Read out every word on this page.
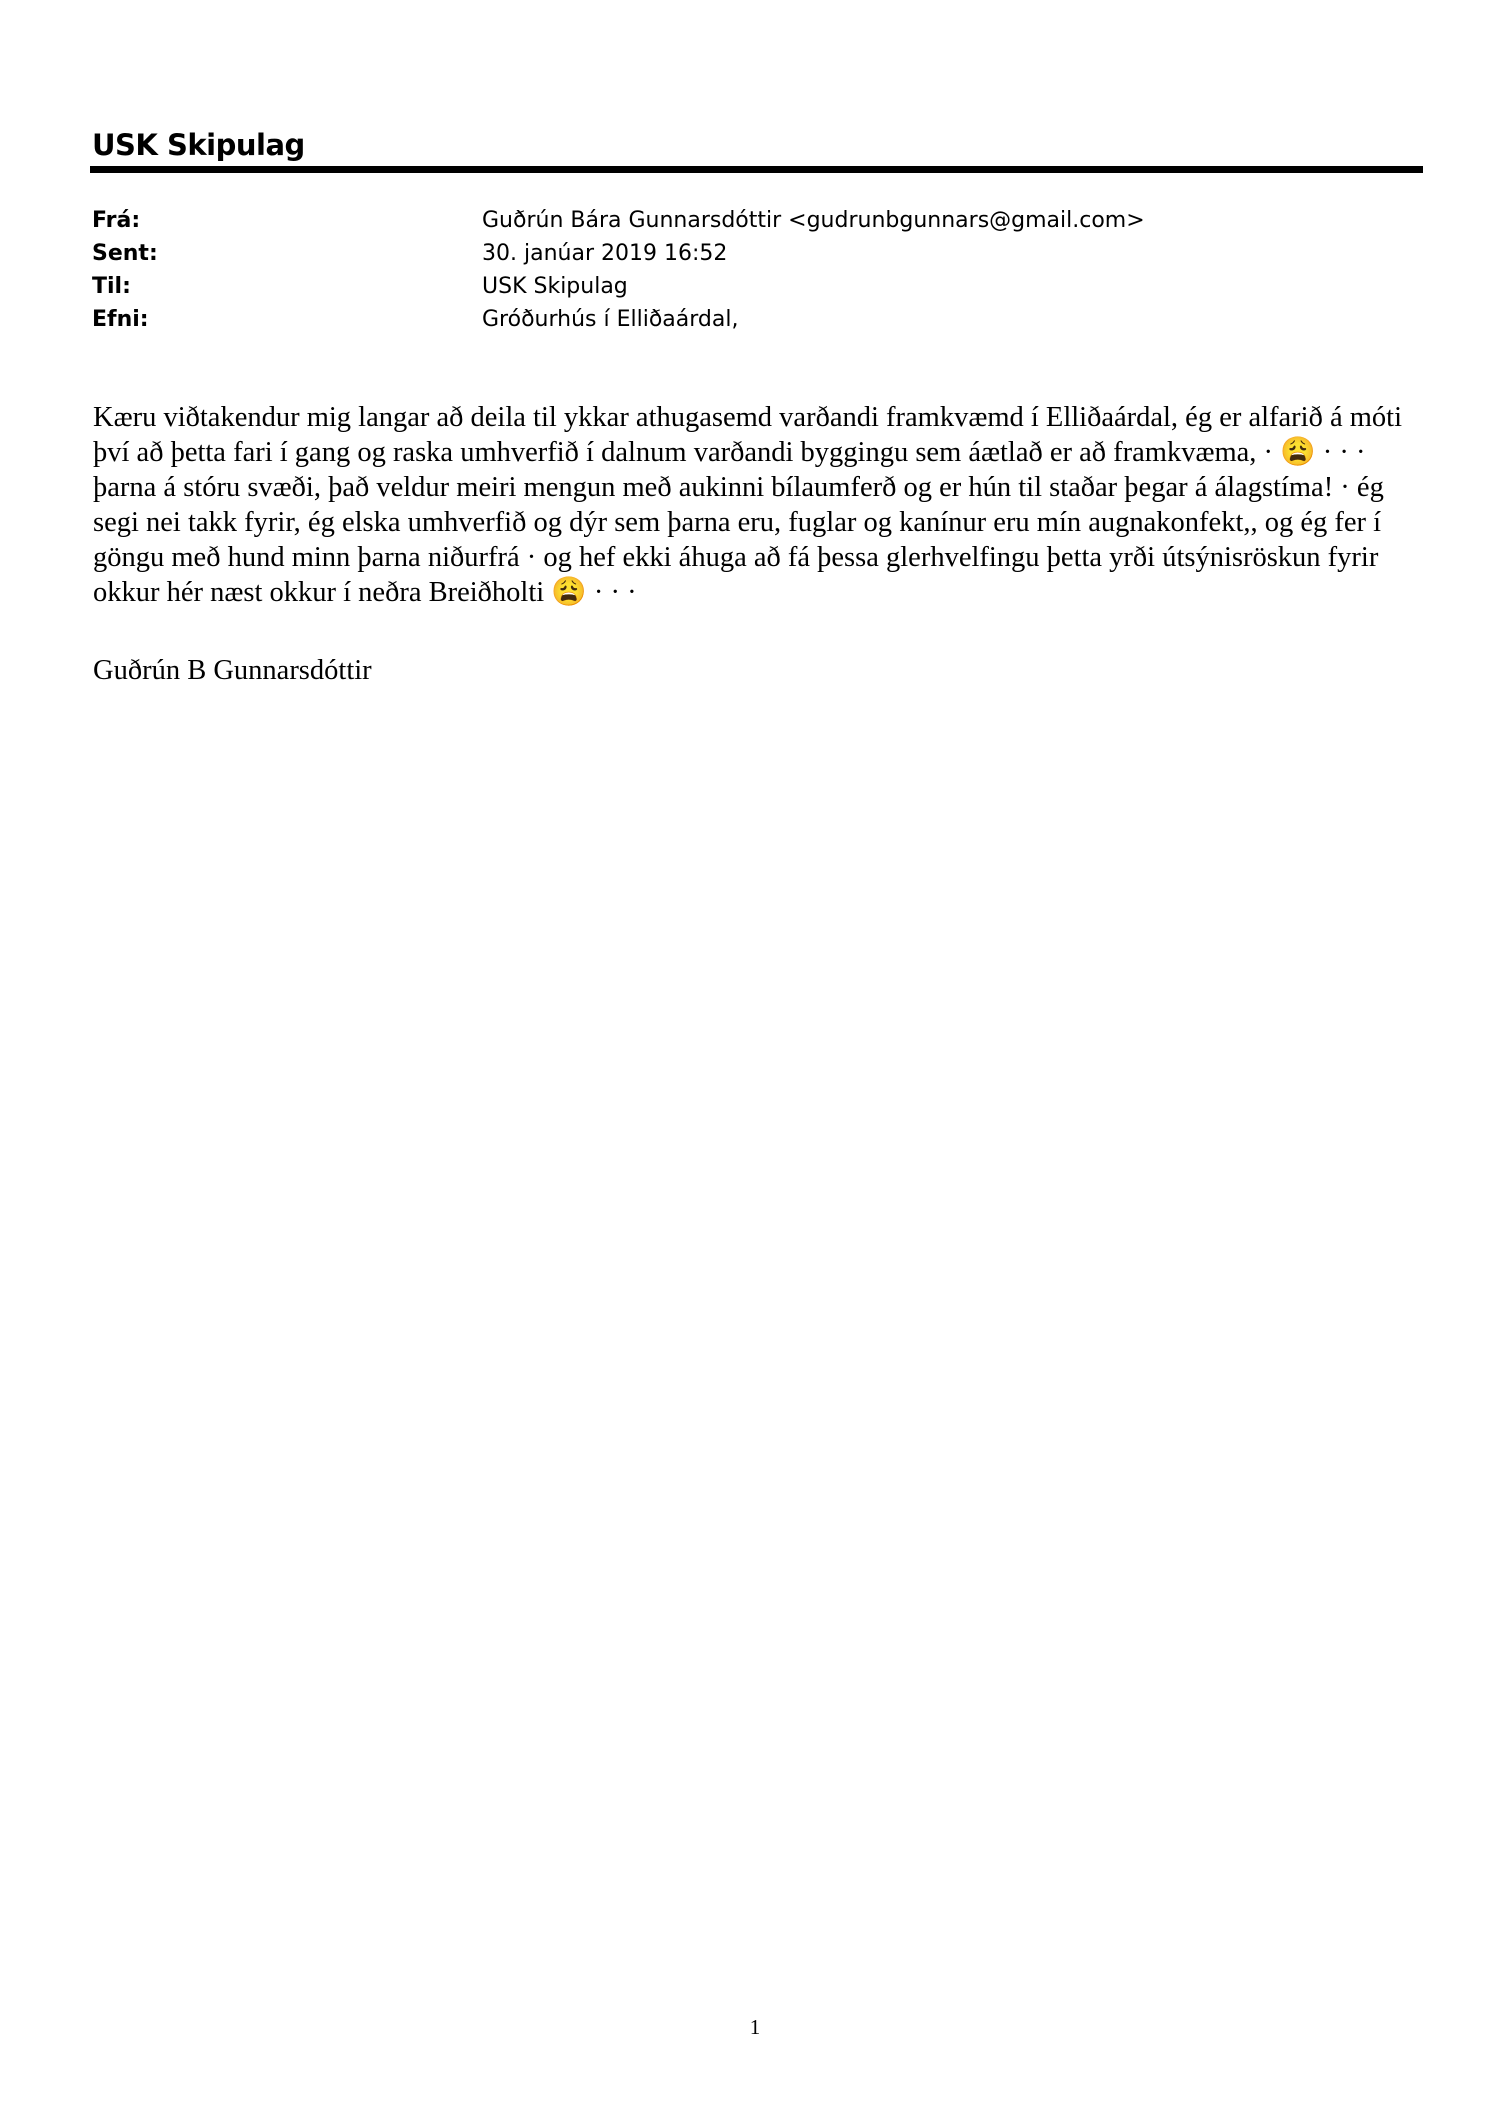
USK Skipulag
Frá:	Guðrún Bára Gunnarsdóttir <gudrunbgunnars@gmail.com>
Sent:	30. janúar 2019 16:52
Til:	USK Skipulag
Efni:	Gróðurhús í Elliðaárdal,

Kæru viðtakendur mig langar að deila til ykkar athugasemd varðandi framkvæmd í Elliðaárdal, ég er alfarið á móti því að þetta fari í gang og raska umhverfið í dalnum varðandi byggingu sem áætlað er að framkvæma, · 😩 · · · þarna á stóru svæði, það veldur meiri mengun með aukinni bílaumferð og er hún til staðar þegar á álagstíma! · ég segi nei takk fyrir, ég elska umhverfið og dýr sem þarna eru, fuglar og kanínur eru mín augnakonfekt,, og ég fer í göngu með hund minn þarna niðurfrá · og hef ekki áhuga að fá þessa glerhvelfingu þetta yrði útsýnisröskun fyrir okkur hér næst okkur í neðra Breiðholti 😩 · · ·

Guðrún B Gunnarsdóttir

1
